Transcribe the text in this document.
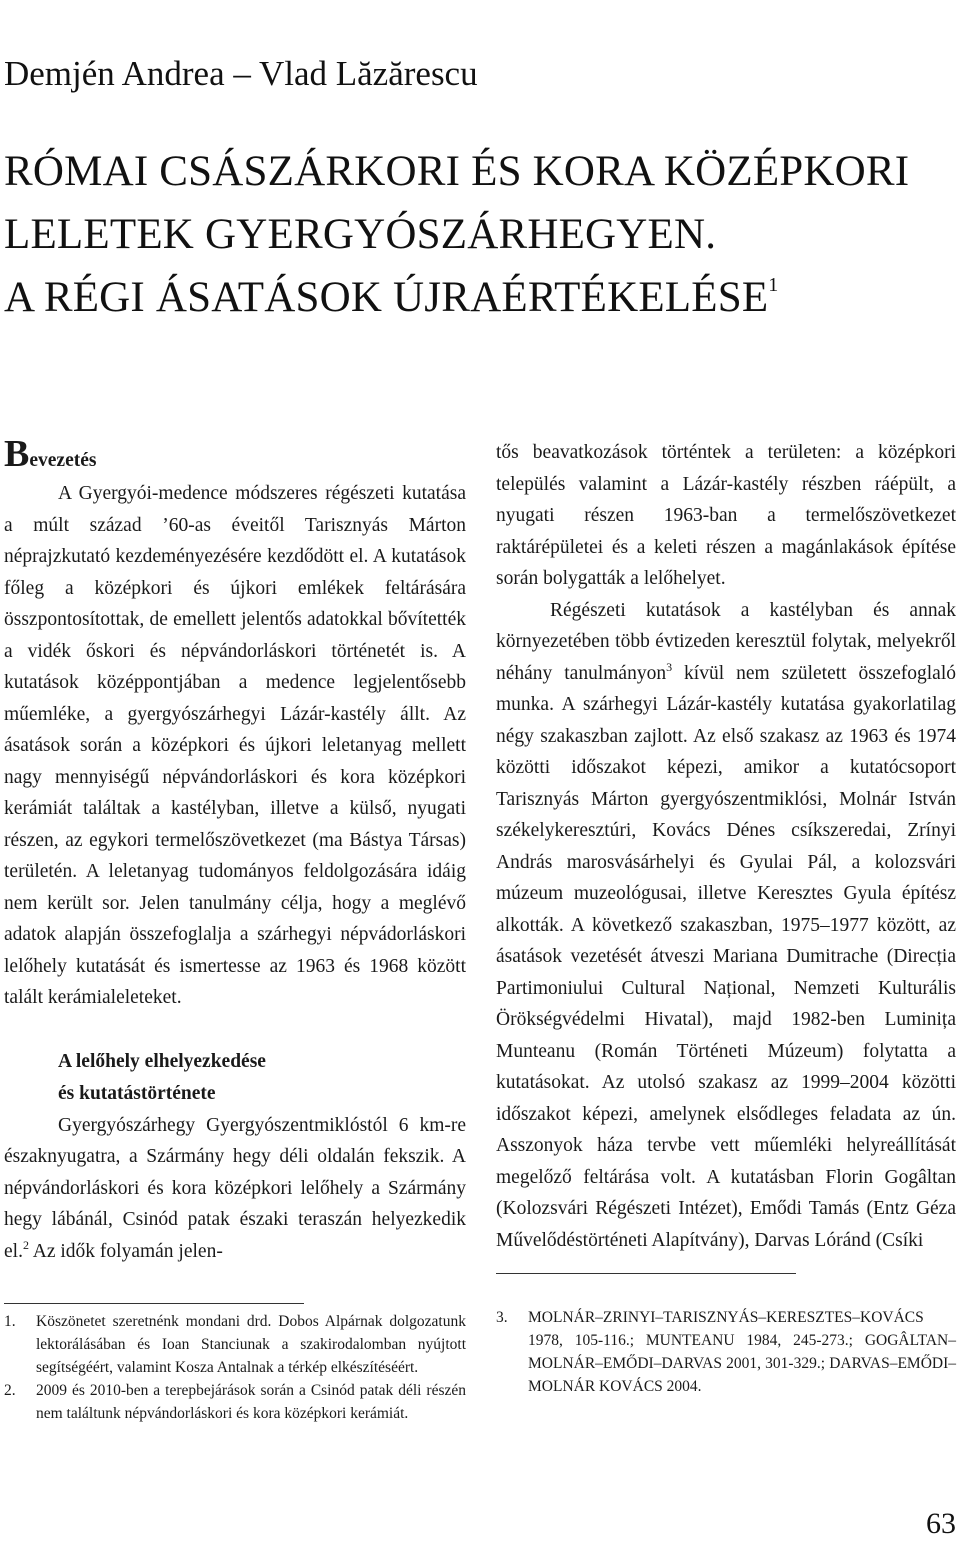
Demjén Andrea – Vlad Lăzărescu
RÓMAI CSÁSZÁRKORI ÉS KORA KÖZÉPKORI
LELETEK GYERGYÓSZÁRHEGYEN.
A RÉGI ÁSATÁSOK ÚJRAÉRTÉKELÉSE$^1$
Bevezetés

A Gyergyói-medence módszeres régészeti kutatása a múlt század ’60-as éveitől Tarisznyás Márton néprajzkutató kezdeményezésére kezdődött el. A kutatások főleg a középkori és újkori emlékek feltárására összpontosítottak, de emellett jelentős adatokkal bővítették a vidék őskori és népvándorláskori történetét is. A kutatások középpontjában a medence legjelentősebb műemléke, a gyergyószárhegyi Lázár-kastély állt. Az ásatások során a középkori és újkori leletanyag mellett nagy mennyiségű népvándorláskori és kora középkori kerámiát találtak a kastélyban, illetve a külső, nyugati részen, az egykori termelőszövetkezet (ma Bástya Társas) területén. A leletanyag tudományos feldolgozására idáig nem került sor. Jelen tanulmány célja, hogy a meglévő adatok alapján összefoglalja a szárhegyi népvádorláskori lelőhely kutatását és ismertesse az 1963 és 1968 között talált kerámialeleteket.

A lelőhely elhelyezkedése
és kutatástörténete

Gyergyószárhegy Gyergyószentmiklóstól 6 km-re északnyugatra, a Szármány hegy déli oldalán fekszik. A népvándorláskori és kora középkori lelőhely a Szármány hegy lábánál, Csinód patak északi teraszán helyezkedik el.$^2$ Az idők folyamán jelen-

tős beavatkozások történtek a területen: a középkori település valamint a Lázár-kastély részben ráépült, a nyugati részen 1963-ban a termelőszövetkezet raktárépületei és a keleti részen a magánlakások építése során bolygatták a lelőhelyet.

Régészeti kutatások a kastélyban és annak környezetében több évtizeden keresztül folytak, melyekről néhány tanulmányon$^3$ kívül nem született összefoglaló munka. A szárhegyi Lázár-kastély kutatása gyakorlatilag négy szakaszban zajlott. Az első szakasz az 1963 és 1974 közötti időszakot képezi, amikor a kutatócsoport Tarisznyás Márton gyergyószentmiklósi, Molnár István székelykeresztúri, Kovács Dénes csíkszeredai, Zrínyi András marosvásárhelyi és Gyulai Pál, a kolozsvári múzeum muzeológusai, illetve Keresztes Gyula építész alkották. A következő szakaszban, 1975–1977 között, az ásatások vezetését átveszi Mariana Dumitrache (Direcția Partimoniului Cultural Național, Nemzeti Kulturális Örökségvédelmi Hivatal), majd 1982-ben Luminița Munteanu (Román Történeti Múzeum) folytatta a kutatásokat. Az utolsó szakasz az 1999–2004 közötti időszakot képezi, amelynek elsődleges feladata az ún. Asszonyok háza tervbe vett műemléki helyreállítását megelőző feltárása volt. A kutatásban Florin Gogâltan (Kolozsvári Régészeti Intézet), Emődi Tamás (Entz Géza Művelődéstörténeti Alapítvány), Darvas Lóránd (Csíki

1.	Köszönetet szeretnénk mondani drd. Dobos Alpárnak dolgozatunk lektorálásában és Ioan Stanciunak a szakirodalomban nyújtott segítségéért, valamint Kosza Antalnak a térkép elkészítéséért.
2.	2009 és 2010-ben a terepbejárások során a Csinód patak déli részén nem találtunk népvándorláskori és kora középkori kerámiát.
3.	MOLNÁR–ZRINYI–TARISZNYÁS–KERESZTES–KOVÁCS 1978, 105-116.; MUNTEANU 1984, 245-273.; GOGÂLTAN–MOLNÁR–EMŐDI–DARVAS 2001, 301-329.; DARVAS–EMŐDI–MOLNÁR KOVÁCS 2004.
63
